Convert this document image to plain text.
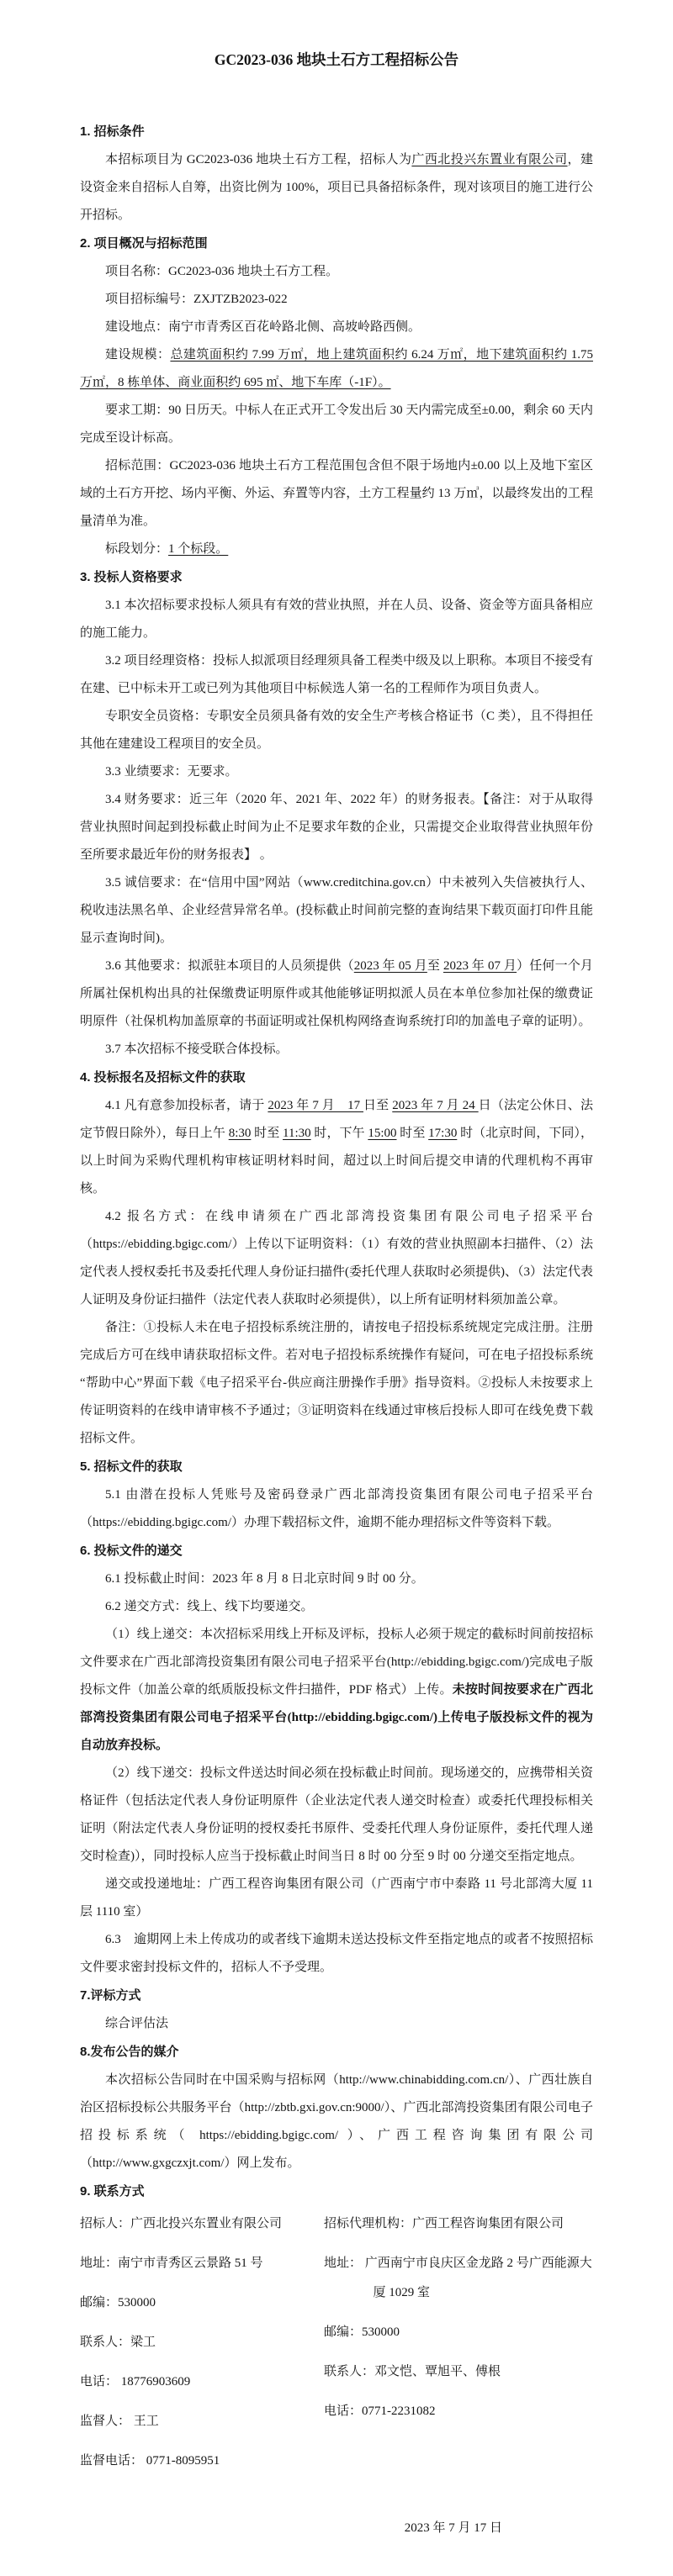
GC2023-036 地块土石方工程招标公告

1. 招标条件

本招标项目为 GC2023-036 地块土石方工程，招标人为广西北投兴东置业有限公司，建设资金来自招标人自筹，出资比例为 100%，项目已具备招标条件，现对该项目的施工进行公开招标。

2. 项目概况与招标范围

项目名称：GC2023-036 地块土石方工程。

项目招标编号：ZXJTZB2023-022

建设地点：南宁市青秀区百花岭路北侧、高坡岭路西侧。

建设规模：总建筑面积约 7.99 万㎡，地上建筑面积约 6.24 万㎡，地下建筑面积约 1.75 万㎡，8 栋单体、商业面积约 695 ㎡、地下车库（-1F）。

要求工期：90 日历天。中标人在正式开工令发出后 30 天内需完成至±0.00，剩余 60 天内完成至设计标高。

招标范围：GC2023-036 地块土石方工程范围包含但不限于场地内±0.00 以上及地下室区域的土石方开挖、场内平衡、外运、弃置等内容，土方工程量约 13 万㎥，以最终发出的工程量清单为准。

标段划分：1 个标段。

3. 投标人资格要求

3.1 本次招标要求投标人须具有有效的营业执照，并在人员、设备、资金等方面具备相应的施工能力。

3.2 项目经理资格：投标人拟派项目经理须具备工程类中级及以上职称。本项目不接受有在建、已中标未开工或已列为其他项目中标候选人第一名的工程师作为项目负责人。

专职安全员资格：专职安全员须具备有效的安全生产考核合格证书（C 类），且不得担任其他在建建设工程项目的安全员。

3.3 业绩要求：无要求。

3.4 财务要求：近三年（2020 年、2021 年、2022 年）的财务报表。【备注：对于从取得营业执照时间起到投标截止时间为止不足要求年数的企业，只需提交企业取得营业执照年份至所要求最近年份的财务报表】 。

3.5 诚信要求：在“信用中国”网站（www.creditchina.gov.cn）中未被列入失信被执行人、税收违法黑名单、企业经营异常名单。(投标截止时间前完整的查询结果下载页面打印件且能显示查询时间)。

3.6 其他要求：拟派驻本项目的人员须提供（2023 年 05 月至 2023 年 07 月）任何一个月所属社保机构出具的社保缴费证明原件或其他能够证明拟派人员在本单位参加社保的缴费证明原件（社保机构加盖原章的书面证明或社保机构网络查询系统打印的加盖电子章的证明）。

3.7 本次招标不接受联合体投标。

4. 投标报名及招标文件的获取

4.1 凡有意参加投标者，请于 2023 年 7 月　17 日至 2023 年 7 月 24 日（法定公休日、法定节假日除外），每日上午 8:30 时至 11:30 时，下午 15:00 时至 17:30 时（北京时间，下同），以上时间为采购代理机构审核证明材料时间，超过以上时间后提交申请的代理机构不再审核。

4.2 报名方式：在线申请须在广西北部湾投资集团有限公司电子招采平台（https://ebidding.bgigc.com/）上传以下证明资料：（1）有效的营业执照副本扫描件、（2）法定代表人授权委托书及委托代理人身份证扫描件(委托代理人获取时必须提供)、（3）法定代表人证明及身份证扫描件（法定代表人获取时必须提供），以上所有证明材料须加盖公章。

备注：①投标人未在电子招投标系统注册的，请按电子招投标系统规定完成注册。注册完成后方可在线申请获取招标文件。若对电子招投标系统操作有疑问，可在电子招投标系统 “帮助中心”界面下载《电子招采平台-供应商注册操作手册》指导资料。②投标人未按要求上传证明资料的在线申请审核不予通过；③证明资料在线通过审核后投标人即可在线免费下载招标文件。

5. 招标文件的获取

5.1 由潜在投标人凭账号及密码登录广西北部湾投资集团有限公司电子招采平台（https://ebidding.bgigc.com/）办理下载招标文件，逾期不能办理招标文件等资料下载。

6. 投标文件的递交

6.1 投标截止时间：2023 年 8 月 8 日北京时间 9 时 00 分。

6.2 递交方式：线上、线下均要递交。

（1）线上递交：本次招标采用线上开标及评标，投标人必须于规定的截标时间前按招标文件要求在广西北部湾投资集团有限公司电子招采平台(http://ebidding.bgigc.com/)完成电子版投标文件（加盖公章的纸质版投标文件扫描件，PDF 格式）上传。未按时间按要求在广西北部湾投资集团有限公司电子招采平台(http://ebidding.bgigc.com/)上传电子版投标文件的视为自动放弃投标。

（2）线下递交：投标文件送达时间必须在投标截止时间前。现场递交的，应携带相关资格证件（包括法定代表人身份证明原件（企业法定代表人递交时检查）或委托代理投标相关证明（附法定代表人身份证明的授权委托书原件、受委托代理人身份证原件，委托代理人递交时检查)），同时投标人应当于投标截止时间当日 8 时 00 分至 9 时 00 分递交至指定地点。

递交或投递地址：广西工程咨询集团有限公司（广西南宁市中泰路 11 号北部湾大厦 11 层 1110 室）

6.3　逾期网上未上传成功的或者线下逾期未送达投标文件至指定地点的或者不按照招标文件要求密封投标文件的，招标人不予受理。

7.评标方式

综合评估法

8.发布公告的媒介

本次招标公告同时在中国采购与招标网（http://www.chinabidding.com.cn/）、广西壮族自治区招标投标公共服务平台（http://zbtb.gxi.gov.cn:9000/）、广西北部湾投资集团有限公司电子招投标系统（ https://ebidding.bgigc.com/ ）、广西工程咨询集团有限公司（http://www.gxgczxjt.com/）网上发布。

9. 联系方式

招标人：广西北投兴东置业有限公司
地址：南宁市青秀区云景路 51 号
邮编：530000
联系人：梁工
电话： 18776903609
监督人： 王工
监督电话： 0771-8095951
招标代理机构：广西工程咨询集团有限公司
地址： 广西南宁市良庆区金龙路 2 号广西能源大厦 1029 室
邮编：530000
联系人：邓文恺、覃旭平、傅根
电话：0771-2231082
2023 年 7 月 17 日
